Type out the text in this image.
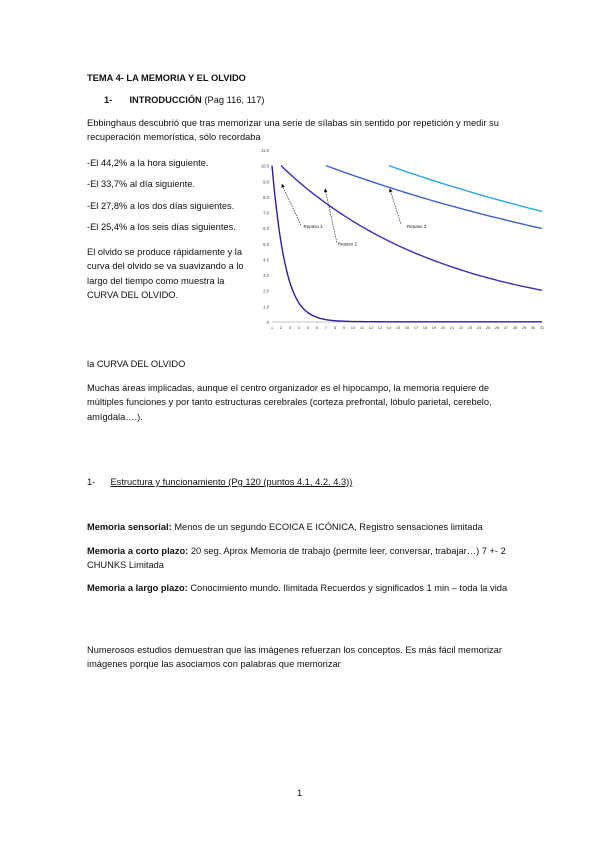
TEMA 4- LA MEMORIA Y EL OLVIDO
1- INTRODUCCIÓN (Pag 116, 117)

Ebbinghaus descubrió que tras memorizar una serie de sílabas sin sentido por repetición y medir su recuperación memorística, sólo recordaba

-El 44,2% a la hora siguiente.

-El 33,7% al día siguiente.

-El 27,8% a los dos días siguientes.

-El 25,4% a los seis días siguientes.

El olvido se produce rápidamente y la curva del olvido se va suavizando a lo largo del tiempo como muestra la CURVA DEL OLVIDO.

0
1.0
2.0
3.0
4.0
5.0
6.0
7.0
8.0
9.0
10.0
11.0
1 2 3 4 5 6 7 8 9 10 11 12 13 14 15 16 17 18 19 20 21 22 23 24 25 26 27 28 29 30 31
Repaso 1
Repaso 2
Repaso 3

la CURVA DEL OLVIDO

Muchas áreas implicadas, aunque el centro organizador es el hipocampo, la memoria requiere de múltiples funciones y por tanto estructuras cerebrales (corteza prefrontal, lóbulo parietal, cerebelo, amígdala….).

1- Estructura y funcionamiento (Pg 120 (puntos 4.1, 4.2, 4.3))

Memoria sensorial: Menos de un segundo ECOICA E ICÓNICA, Registro sensaciones limitada

Memoria a corto plazo: 20 seg. Aprox Memoria de trabajo (permite leer, conversar, trabajar…) 7 +- 2 CHUNKS Limitada

Memoria a largo plazo: Conocimiento mundo. Ilimitada Recuerdos y significados 1 min – toda la vida

Numerosos estudios demuestran que las imágenes refuerzan los conceptos. Es más fácil memorizar imágenes porque las asociamos con palabras que memorizar

1
